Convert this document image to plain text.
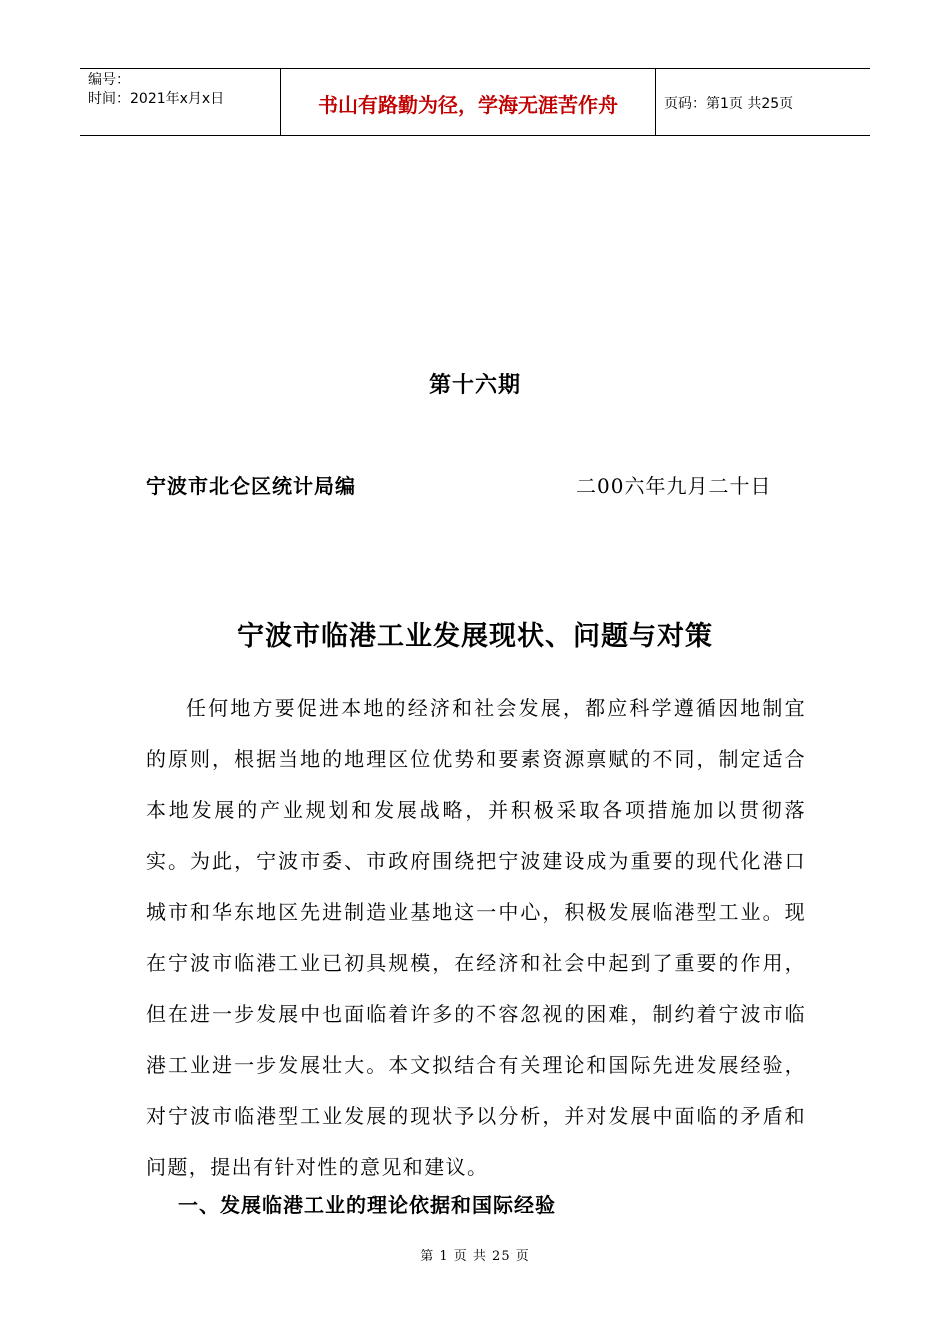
编号：
时间：2021年x月x日	书山有路勤为径，学海无涯苦作舟	页码：第1页 共25页
第十六期
宁波市北仑区统计局编	二00六年九月二十日
宁波市临港工业发展现状、问题与对策

任何地方要促进本地的经济和社会发展，都应科学遵循因地制宜的原则，根据当地的地理区位优势和要素资源禀赋的不同，制定适合本地发展的产业规划和发展战略，并积极采取各项措施加以贯彻落实。为此，宁波市委、市政府围绕把宁波建设成为重要的现代化港口城市和华东地区先进制造业基地这一中心，积极发展临港型工业。现在宁波市临港工业已初具规模，在经济和社会中起到了重要的作用，但在进一步发展中也面临着许多的不容忽视的困难，制约着宁波市临港工业进一步发展壮大。本文拟结合有关理论和国际先进发展经验，对宁波市临港型工业发展的现状予以分析，并对发展中面临的矛盾和问题，提出有针对性的意见和建议。

一、发展临港工业的理论依据和国际经验
第 1 页 共 25 页
